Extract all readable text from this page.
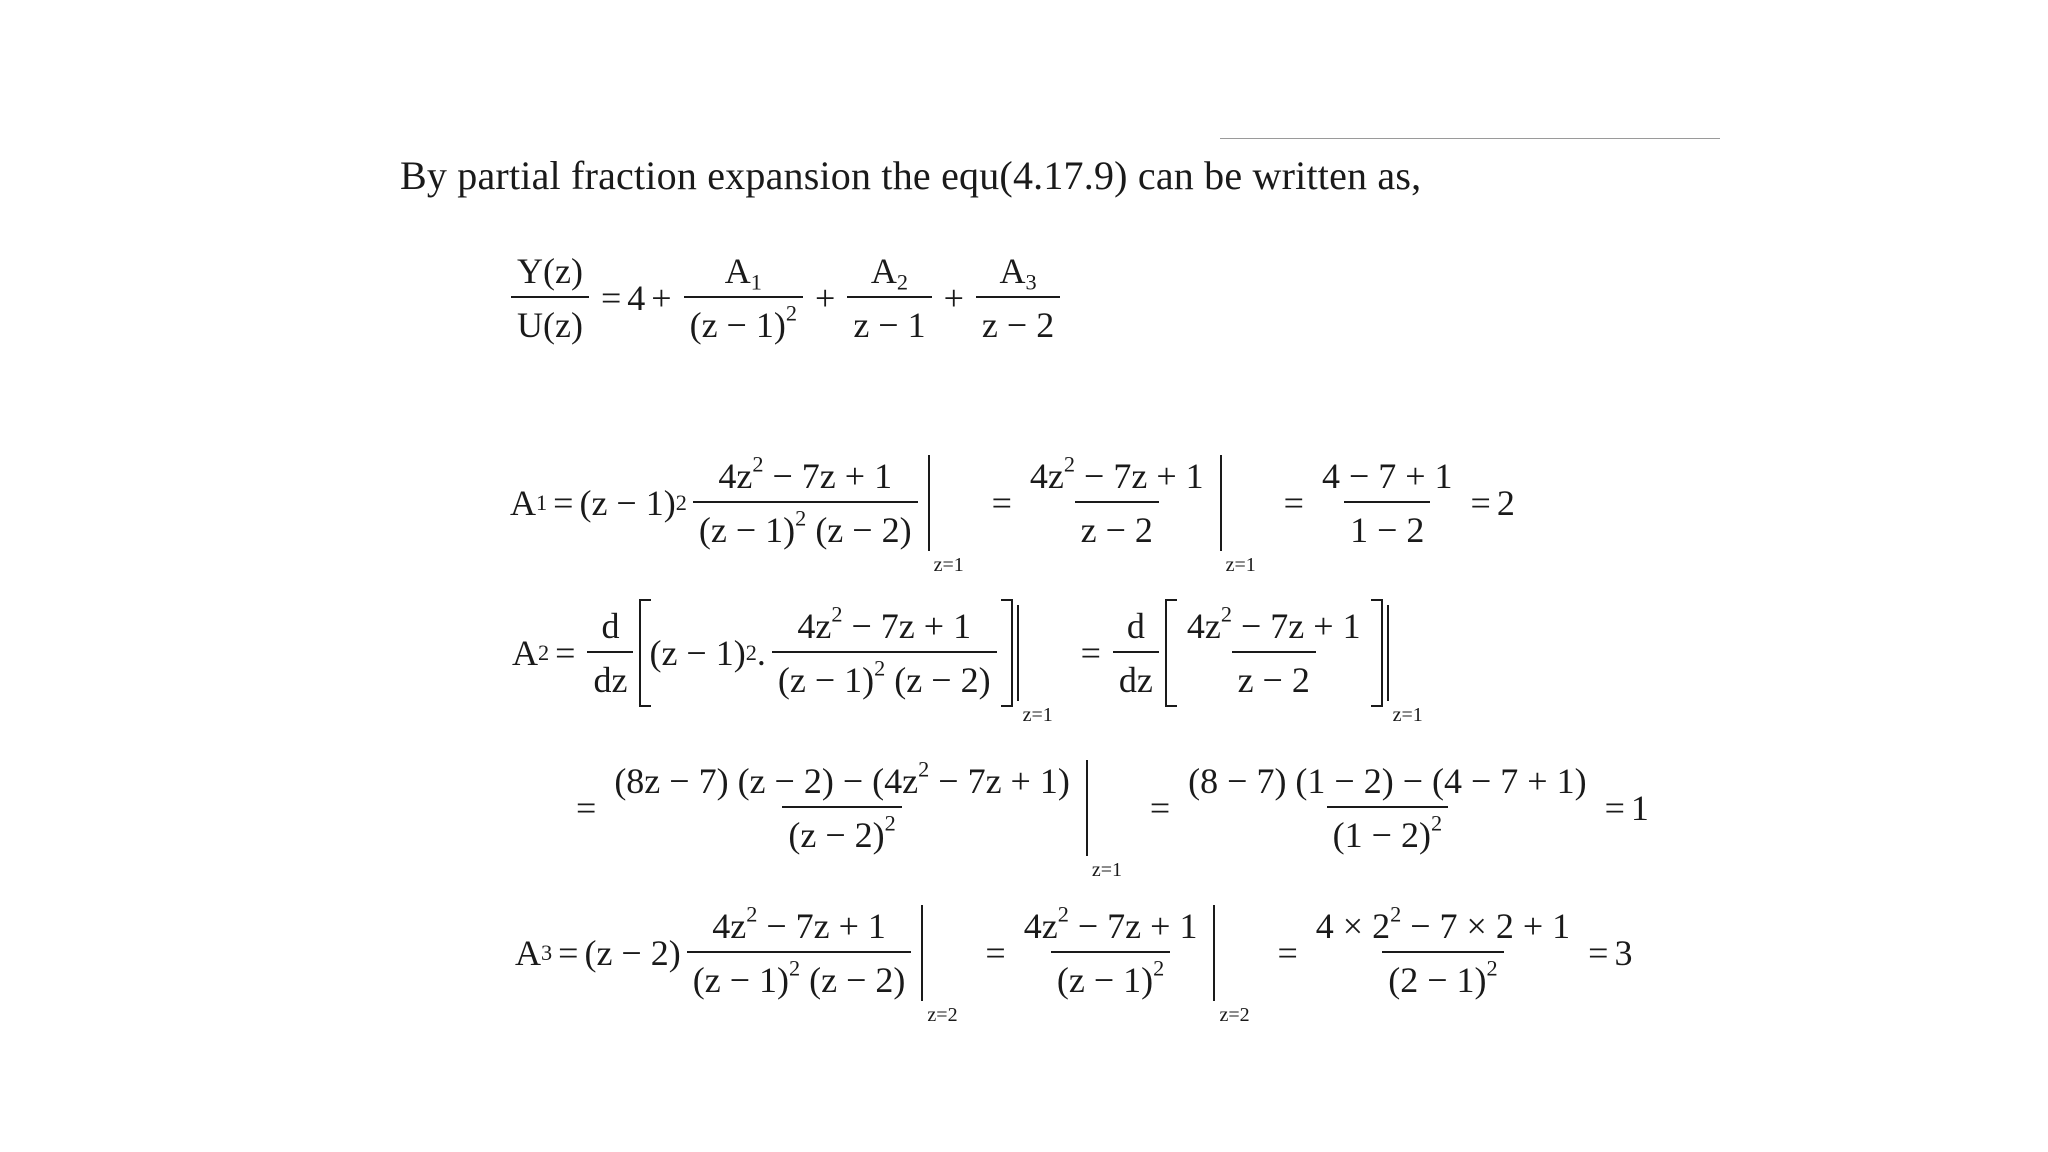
By partial fraction expansion the equ(4.17.9) can be written as,
$\frac{Y(z)}{U(z)} = 4 + \frac{A_1}{(z - 1)^2} + \frac{A_2}{z - 1} + \frac{A_3}{z - 2}$
A 1 = (z − 1) $2 \frac{4z^2 - 7z + 1}{(z - 1)^2 (z - 2)}$
z=1
= $\frac{4z^2 - 7z + 1}{z - 2}$
z=1
= $\frac{4 - 7 + 1}{1 - 2} = 2$
A $2 = \frac{d}{dz} (z - 1)$ 2 . $\frac{4z^2 - 7z + 1}{(z - 1)^2 (z - 2)}$
z=1
= $\frac{d}{dz} \frac{4z^2 - 7z + 1}{z - 2}$
z=1
= $\frac{(8z - 7) (z - 2) - (4z^2 - 7z + 1)}{(z - 2)^2}$
z=1
= $\frac{(8 - 7) (1 - 2) - (4 - 7 + 1)}{(1 - 2)^2} = 1$
A $3 = (z - 2) \frac{4z^2 - 7z + 1}{(z - 1)^2 (z - 2)}$
z=2
= $\frac{4z^2 - 7z + 1}{(z - 1)^2}$
z=2
= $\frac{4 \times 2^2 - 7 \times 2 + 1}{(2 - 1)^2} = 3$
